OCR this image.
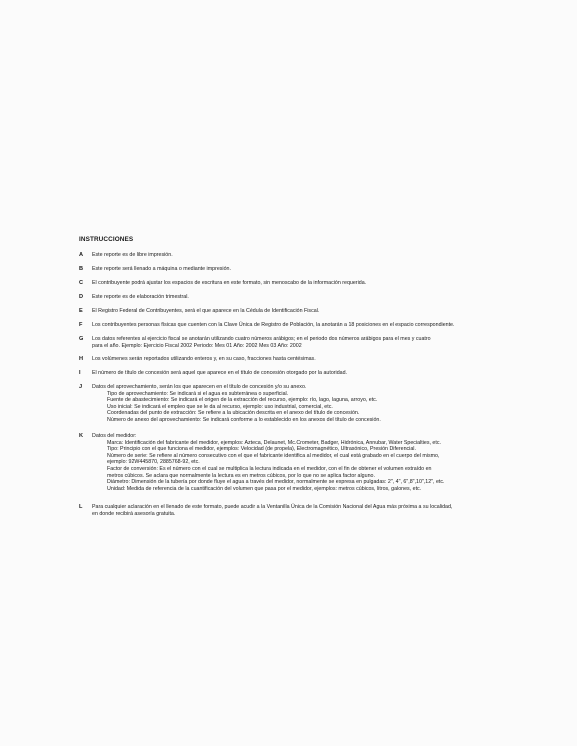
INSTRUCCIONES
A Este reporte es de libre impresión.
B Este reporte será llenado a máquina o mediante impresión.
C El contribuyente podrá ajustar los espacios de escritura en este formato, sin menoscabo de la información requerida.
D Este reporte es de elaboración trimestral.
E El Registro Federal de Contribuyentes, será el que aparece en la Cédula de Identificación Fiscal.
F Los contribuyentes personas físicas que cuenten con la Clave Única de Registro de Población, la anotarán a 18 posiciones en el espacio correspondiente.
G Los datos referentes al ejercicio fiscal se anotarán utilizando cuatro números arábigos; en el periodo dos números arábigos para el mes y cuatro
para el año. Ejemplo: Ejercicio Fiscal 2002 Periodo: Mes 01 Año: 2002 Mes 03 Año: 2002
H Los volúmenes serán reportados utilizando enteros y, en su caso, fracciones hasta centésimas.
I El número de título de concesión será aquel que aparece en el título de concesión otorgado por la autoridad.
J Datos del aprovechamiento, serán los que aparecen en el título de concesión y/o su anexo.
Tipo de aprovechamiento: Se indicará si el agua es subterránea o superficial.
Fuente de abastecimiento: Se indicará el origen de la extracción del recurso, ejemplo: río, lago, laguna, arroyo, etc.
Uso inicial: Se indicará el empleo que se le da al recurso, ejemplo: uso industrial, comercial, etc.
Coordenadas del punto de extracción: Se refiere a la ubicación descrita en el anexo del título de concesión.
Número de anexo del aprovechamiento: Se indicará conforme a lo establecido en los anexos del título de concesión.
K Datos del medidor:
Marca: Identificación del fabricante del medidor, ejemplos: Azteca, Delaunet, Mc.Crometer, Badger, Hidrónica, Annubar, Water Specialties, etc.
Tipo: Principio con el que funciona el medidor, ejemplos: Velocidad (de propela), Electromagnético, Ultrasónico, Presión Diferencial.
Número de serie: Se refiere al número consecutivo con el que el fabricante identifica al medidor, el cual está grabado en el cuerpo del mismo,
ejemplo: 92W445870, 2885768-92, etc.
Factor de conversión: Es el número con el cual se multiplica la lectura indicada en el medidor, con el fin de obtener el volumen extraído en
metros cúbicos. Se aclara que normalmente la lectura es en metros cúbicos, por lo que no se aplica factor alguno.
Diámetro: Dimensión de la tubería por donde fluye el agua a través del medidor, normalmente se expresa en pulgadas: 2", 4", 6",8",10",12", etc.
Unidad: Medida de referencia de la cuantificación del volumen que pasa por el medidor, ejemplos: metros cúbicos, litros, galones, etc.
L Para cualquier aclaración en el llenado de este formato, puede acudir a la Ventanilla Única de la Comisión Nacional del Agua más próxima a su localidad,
en donde recibirá asesoría gratuita.
